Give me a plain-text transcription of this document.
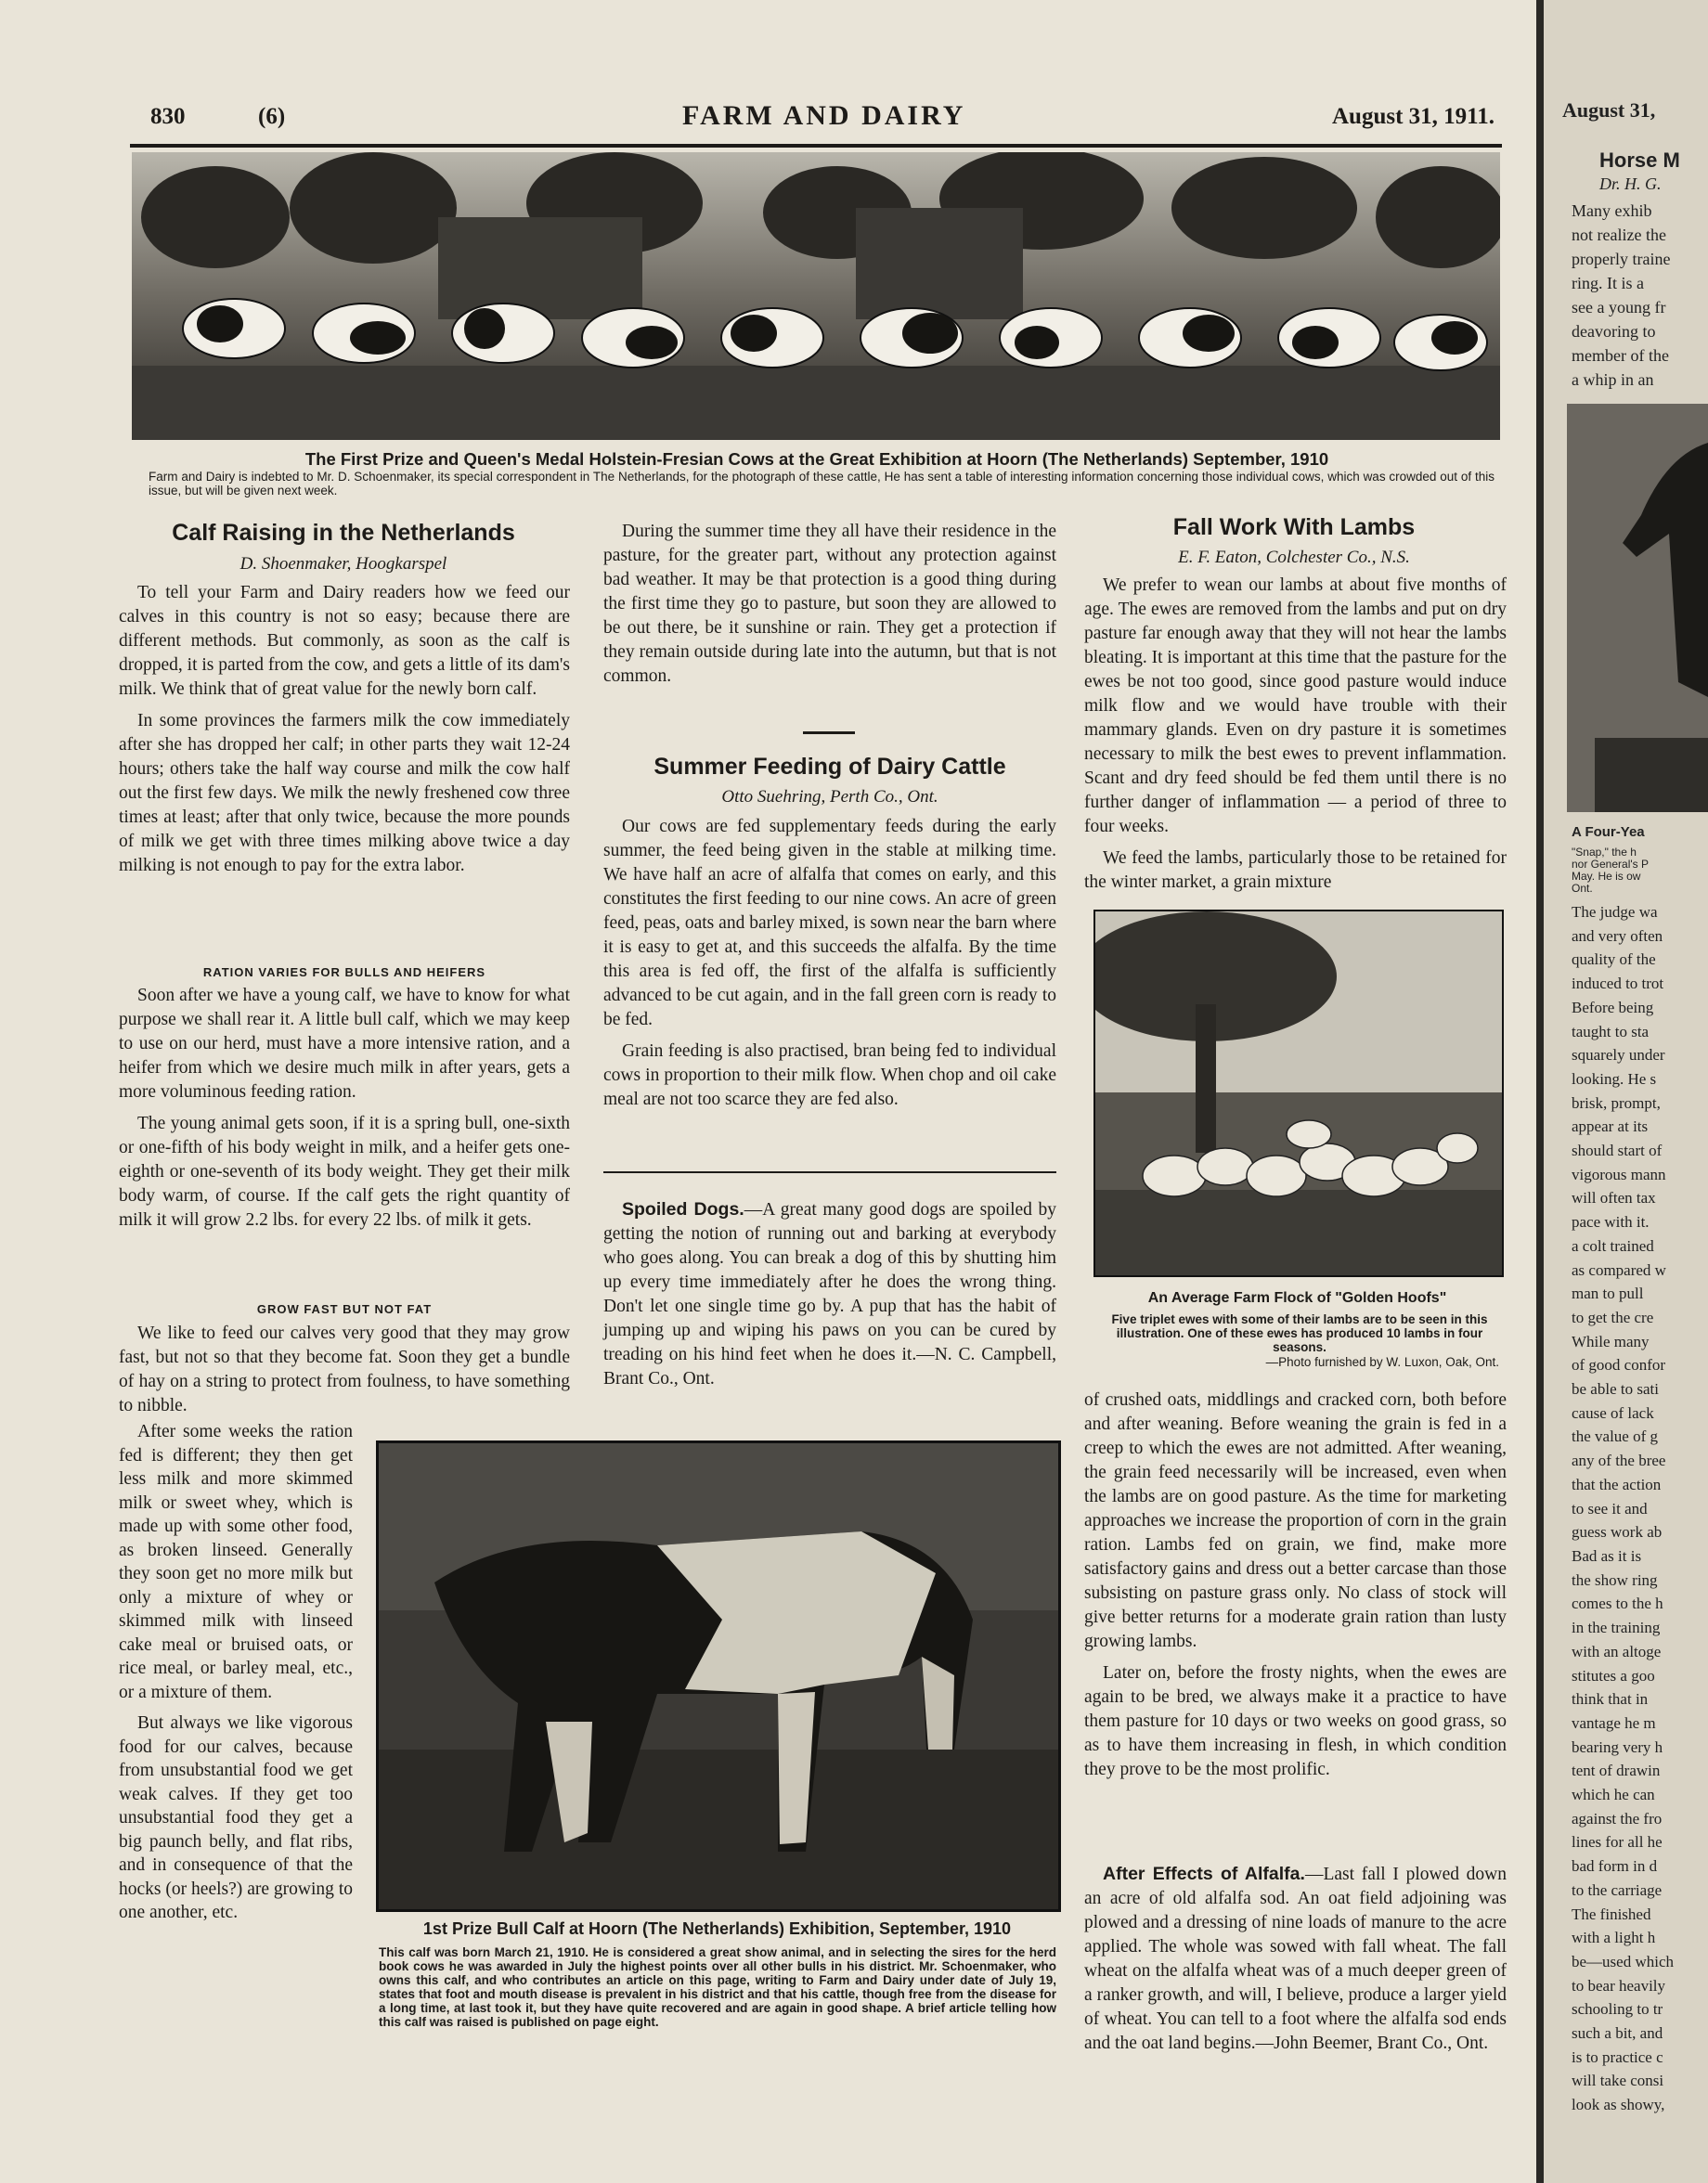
830	(6)	FARM AND DAIRY	August 31, 1911.
The First Prize and Queen's Medal Holstein-Fresian Cows at the Great Exhibition at Hoorn (The Netherlands) September, 1910
Farm and Dairy is indebted to Mr. D. Schoenmaker, its special correspondent in The Netherlands, for the photograph of these cattle, He has sent a table of interesting information concerning those individual cows, which was crowded out of this issue, but will be given next week.
Calf Raising in the Netherlands
D. Shoenmaker, Hoogkarspel

To tell your Farm and Dairy readers how we feed our calves in this country is not so easy; because there are different methods. But commonly, as soon as the calf is dropped, it is parted from the cow, and gets a little of its dam's milk. We think that of great value for the newly born calf.

In some provinces the farmers milk the cow immediately after she has dropped her calf; in other parts they wait 12-24 hours; others take the half way course and milk the cow half out the first few days. We milk the newly freshened cow three times at least; after that only twice, because the more pounds of milk we get with three times milking above twice a day milking is not enough to pay for the extra labor.

RATION VARIES FOR BULLS AND HEIFERS

Soon after we have a young calf, we have to know for what purpose we shall rear it. A little bull calf, which we may keep to use on our herd, must have a more intensive ration, and a heifer from which we desire much milk in after years, gets a more voluminous feeding ration.

The young animal gets soon, if it is a spring bull, one-sixth or one-fifth of his body weight in milk, and a heifer gets one-eighth or one-seventh of its body weight. They get their milk body warm, of course. If the calf gets the right quantity of milk it will grow 2.2 lbs. for every 22 lbs. of milk it gets.

GROW FAST BUT NOT FAT

We like to feed our calves very good that they may grow fast, but not so that they become fat. Soon they get a bundle of hay on a string to protect from foulness, to have something to nibble.

After some weeks the ration fed is different; they then get less milk and more skimmed milk or sweet whey, which is made up with some other food, as broken linseed. Generally they soon get no more milk but only a mixture of whey or skimmed milk with linseed cake meal or bruised oats, or rice meal, or barley meal, etc., or a mixture of them.

But always we like vigorous food for our calves, because from unsubstantial food we get weak calves. If they get too unsubstantial food they get a big paunch belly, and flat ribs, and in consequence of that the hocks (or heels?) are growing to one another, etc.

During the summer time they all have their residence in the pasture, for the greater part, without any protection against bad weather. It may be that protection is a good thing during the first time they go to pasture, but soon they are allowed to be out there, be it sunshine or rain. They get a protection if they remain outside during late into the autumn, but that is not common.

Summer Feeding of Dairy Cattle
Otto Suehring, Perth Co., Ont.

Our cows are fed supplementary feeds during the early summer, the feed being given in the stable at milking time. We have half an acre of alfalfa that comes on early, and this constitutes the first feeding to our nine cows. An acre of green feed, peas, oats and barley mixed, is sown near the barn where it is easy to get at, and this succeeds the alfalfa. By the time this area is fed off, the first of the alfalfa is sufficiently advanced to be cut again, and in the fall green corn is ready to be fed.

Grain feeding is also practised, bran being fed to individual cows in proportion to their milk flow. When chop and oil cake meal are not too scarce they are fed also.

Spoiled Dogs.—A great many good dogs are spoiled by getting the notion of running out and barking at everybody who goes along. You can break a dog of this by shutting him up every time immediately after he does the wrong thing. Don't let one single time go by. A pup that has the habit of jumping up and wiping his paws on you can be cured by treading on his hind feet when he does it.—N. C. Campbell, Brant Co., Ont.

1st Prize Bull Calf at Hoorn (The Netherlands) Exhibition, September, 1910
This calf was born March 21, 1910. He is considered a great show animal, and in selecting the sires for the herd book cows he was awarded in July the highest points over all other bulls in his district. Mr. Schoenmaker, who owns this calf, and who contributes an article on this page, writing to Farm and Dairy under date of July 19, states that foot and mouth disease is prevalent in his district and that his cattle, though free from the disease for a long time, at last took it, but they have quite recovered and are again in good shape. A brief article telling how this calf was raised is published on page eight.
Fall Work With Lambs
E. F. Eaton, Colchester Co., N.S.

We prefer to wean our lambs at about five months of age. The ewes are removed from the lambs and put on dry pasture far enough away that they will not hear the lambs bleating. It is important at this time that the pasture for the ewes be not too good, since good pasture would induce milk flow and we would have trouble with their mammary glands. Even on dry pasture it is sometimes necessary to milk the best ewes to prevent inflammation. Scant and dry feed should be fed them until there is no further danger of inflammation — a period of three to four weeks.

We feed the lambs, particularly those to be retained for the winter market, a grain mixture

An Average Farm Flock of "Golden Hoofs"
Five triplet ewes with some of their lambs are to be seen in this illustration. One of these ewes has produced 10 lambs in four seasons.
—Photo furnished by W. Luxon, Oak, Ont.

of crushed oats, middlings and cracked corn, both before and after weaning. Before weaning the grain is fed in a creep to which the ewes are not admitted. After weaning, the grain feed necessarily will be increased, even when the lambs are on good pasture. As the time for marketing approaches we increase the proportion of corn in the grain ration. Lambs fed on grain, we find, make more satisfactory gains and dress out a better carcase than those subsisting on pasture grass only. No class of stock will give better returns for a moderate grain ration than lusty growing lambs.

Later on, before the frosty nights, when the ewes are again to be bred, we always make it a practice to have them pasture for 10 days or two weeks on good grass, so as to have them increasing in flesh, in which condition they prove to be the most prolific.

After Effects of Alfalfa.—Last fall I plowed down an acre of old alfalfa sod. An oat field adjoining was plowed and a dressing of nine loads of manure to the acre applied. The whole was sowed with fall wheat. The fall wheat on the alfalfa wheat was of a much deeper green of a ranker growth, and will, I believe, produce a larger yield of wheat. You can tell to a foot where the alfalfa sod ends and the oat land begins.—John Beemer, Brant Co., Ont.

August 31,
Horse M
Dr. H. G.
Many exhib
not realize the
properly traine
ring. It is a
see a young fr
deavoring to
member of the
a whip in an
A Four-Yea
"Snap," the h
nor General's P
May. He is ow
Ont.
The judge wa
and very often
quality of the
induced to trot
Before being
taught to sta
squarely under
looking. He s
brisk, prompt,
appear at its
should start of
vigorous mann
will often tax
pace with it.
a colt trained
as compared w
man to pull
to get the cre
While many
of good confor
be able to sati
cause of lack
the value of g
any of the bree
that the action
to see it and
guess work ab
Bad as it is
the show ring
comes to the h
in the training
with an altoge
stitutes a goo
think that in
vantage he m
bearing very h
tent of drawin
which he can
against the fro
lines for all he
bad form in d
to the carriage
The finished
with a light h
be—used which
to bear heavily
schooling to tr
such a bit, and
is to practice c
will take consi
look as showy,
